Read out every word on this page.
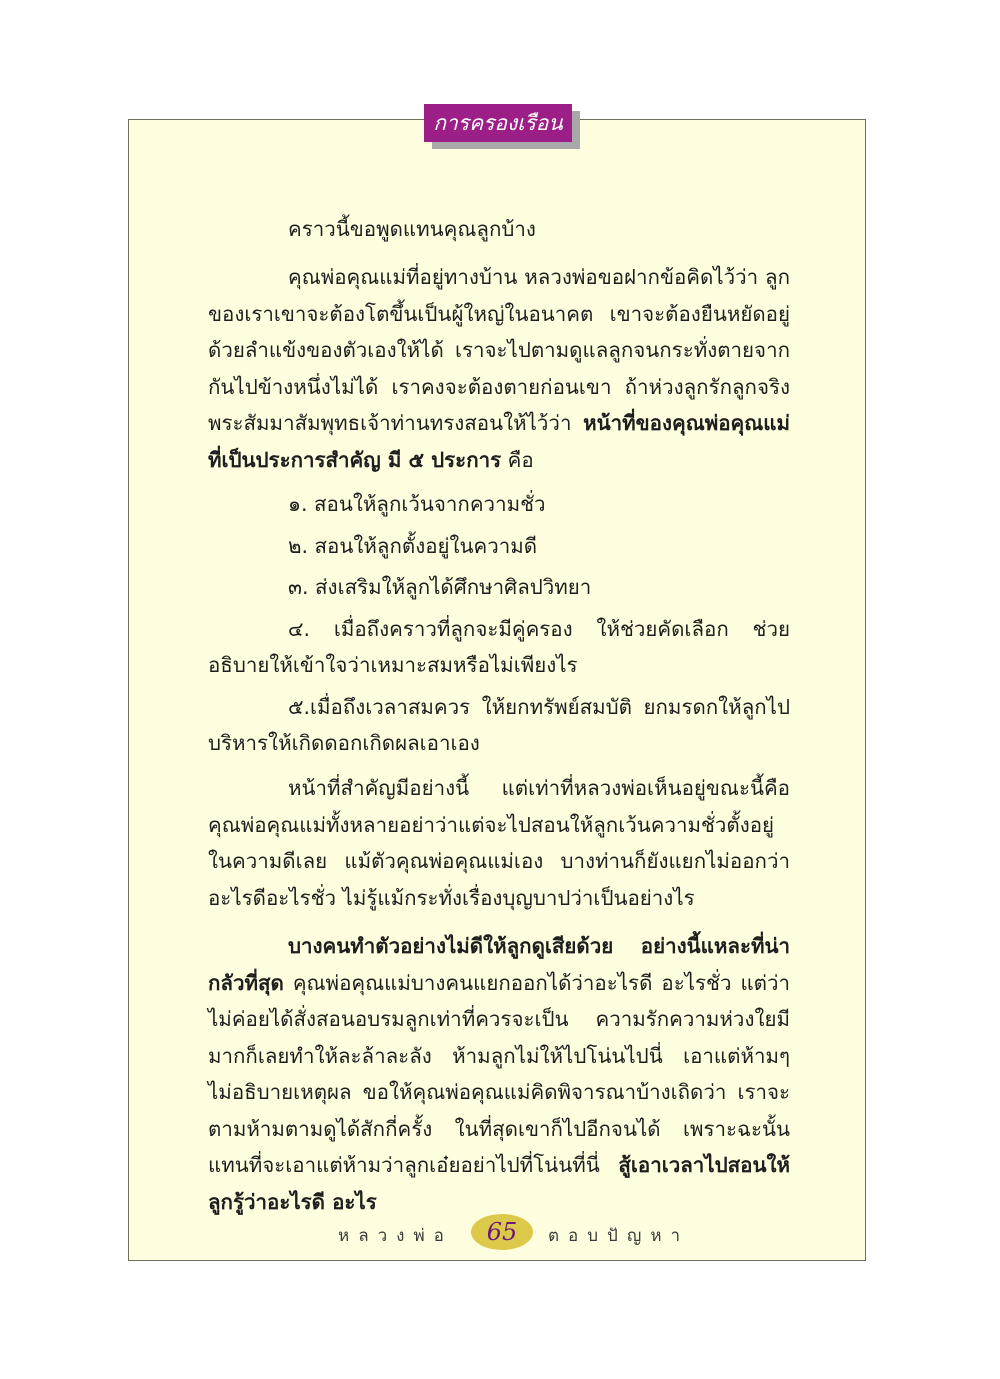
การครองเรือน

คราวนี้ขอพูดแทนคุณลูกบ้าง

คุณพ่อคุณแม่ที่อยู่ทางบ้าน หลวงพ่อขอฝากข้อคิดไว้ว่า ลูกของเราเขาจะต้องโตขึ้นเป็นผู้ใหญ่ในอนาคต เขาจะต้องยืนหยัดอยู่ด้วยลำแข้งของตัวเองให้ได้ เราจะไปตามดูแลลูกจนกระทั่งตายจากกันไปข้างหนึ่งไม่ได้ เราคงจะต้องตายก่อนเขา ถ้าห่วงลูกรักลูกจริง พระสัมมาสัมพุทธเจ้าท่านทรงสอนให้ไว้ว่า หน้าที่ของคุณพ่อคุณแม่ที่เป็นประการสำคัญ มี ๕ ประการ คือ

๑. สอนให้ลูกเว้นจากความชั่ว

๒. สอนให้ลูกตั้งอยู่ในความดี

๓. ส่งเสริมให้ลูกได้ศึกษาศิลปวิทยา

๔. เมื่อถึงคราวที่ลูกจะมีคู่ครอง ให้ช่วยคัดเลือก ช่วยอธิบายให้เข้าใจว่าเหมาะสมหรือไม่เพียงไร

๕.เมื่อถึงเวลาสมควร ให้ยกทรัพย์สมบัติ ยกมรดกให้ลูกไปบริหารให้เกิดดอกเกิดผลเอาเอง

หน้าที่สำคัญมีอย่างนี้ แต่เท่าที่หลวงพ่อเห็นอยู่ขณะนี้คือ คุณพ่อคุณแม่ทั้งหลายอย่าว่าแต่จะไปสอนให้ลูกเว้นความชั่วตั้งอยู่ในความดีเลย แม้ตัวคุณพ่อคุณแม่เอง บางท่านก็ยังแยกไม่ออกว่าอะไรดีอะไรชั่ว ไม่รู้แม้กระทั่งเรื่องบุญบาปว่าเป็นอย่างไร

บางคนทำตัวอย่างไม่ดีให้ลูกดูเสียด้วย อย่างนี้แหละที่น่ากลัวที่สุด คุณพ่อคุณแม่บางคนแยกออกได้ว่าอะไรดี อะไรชั่ว แต่ว่าไม่ค่อยได้สั่งสอนอบรมลูกเท่าที่ควรจะเป็น ความรักความห่วงใยมีมากก็เลยทำให้ละล้าละลัง ห้ามลูกไม่ให้ไปโน่นไปนี่ เอาแต่ห้ามๆ ไม่อธิบายเหตุผล ขอให้คุณพ่อคุณแม่คิดพิจารณาบ้างเถิดว่า เราจะตามห้ามตามดูได้สักกี่ครั้ง ในที่สุดเขาก็ไปอีกจนได้ เพราะฉะนั้นแทนที่จะเอาแต่ห้ามว่าลูกเอ๋ยอย่าไปที่โน่นที่นี่ สู้เอาเวลาไปสอนให้ลูกรู้ว่าอะไรดี อะไร

หลวงพ่อ	65	ตอบปัญหา
